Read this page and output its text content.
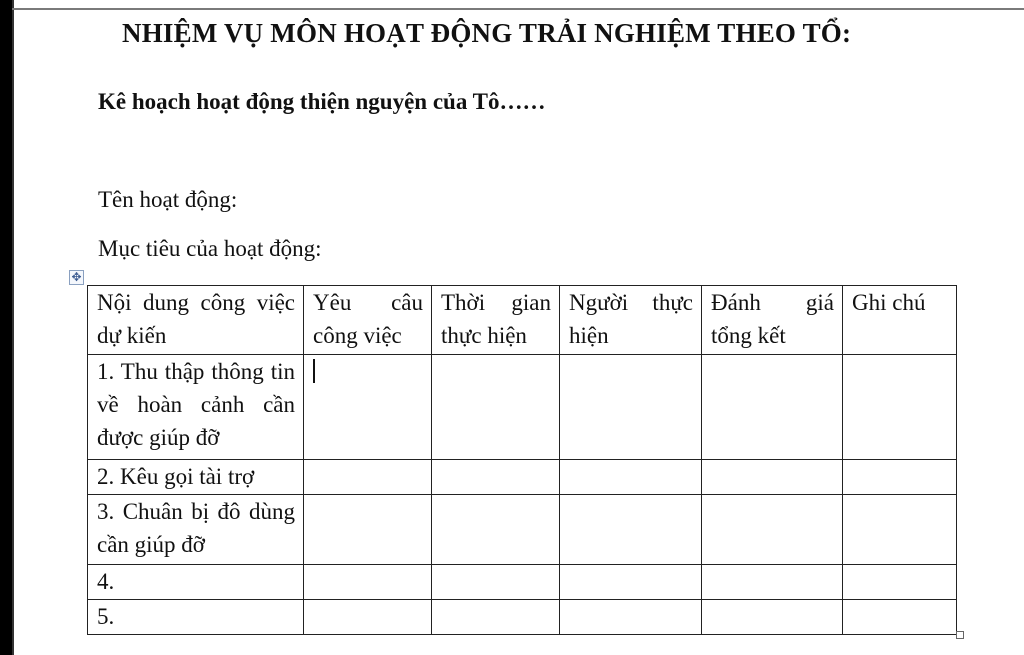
NHIỆM VỤ MÔN HOẠT ĐỘNG TRẢI NGHIỆM THEO TỔ:
Kê hoạch hoạt động thiện nguyện của Tô……
Tên hoạt động:
Mục tiêu của hoạt động:
✥
Nội dung công việc dự kiến	Yêu câu công việc	Thời gian thực hiện	Người thực hiện	Đánh giá tổng kết	Ghi chú
1. Thu thập thông tin về hoàn cảnh cần được giúp đỡ					
2. Kêu gọi tài trợ					
3. Chuân bị đô dùng cần giúp đỡ					
4.					
5.					
